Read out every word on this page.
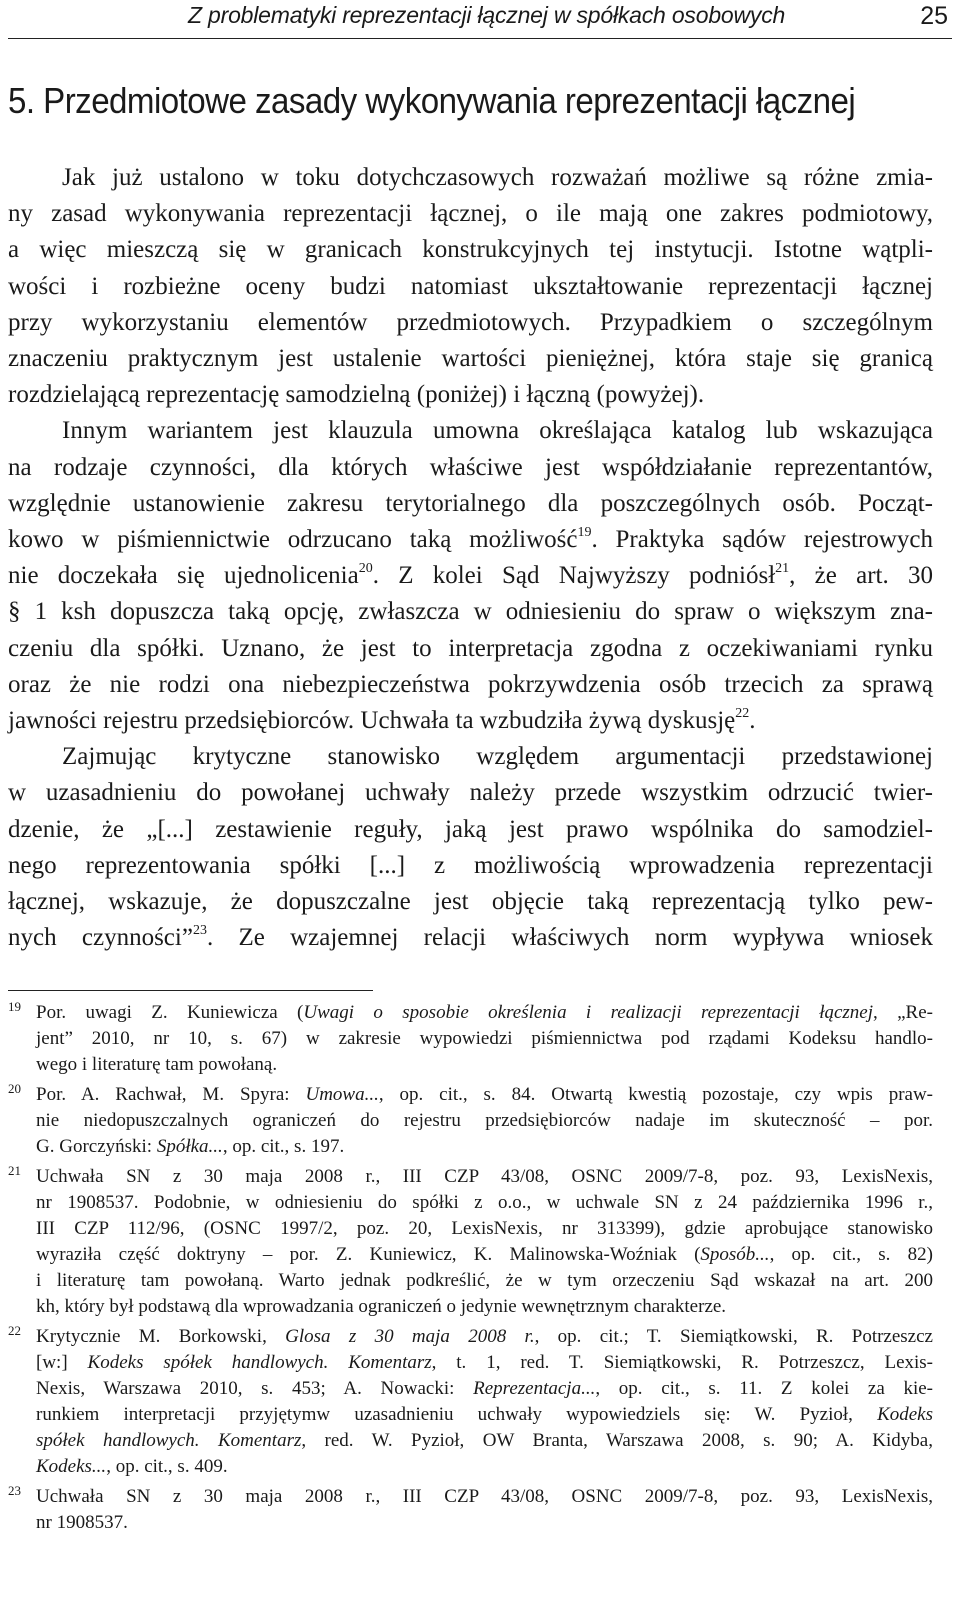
Z problematyki reprezentacji łącznej w spółkach osobowych	25
5. Przedmiotowe zasady wykonywania reprezentacji łącznej

Jak już ustalono w toku dotychczasowych rozważań możliwe są różne zmia-
ny zasad wykonywania reprezentacji łącznej, o ile mają one zakres podmiotowy,
a więc mieszczą się w granicach konstrukcyjnych tej instytucji. Istotne wątpli-
wości i rozbieżne oceny budzi natomiast ukształtowanie reprezentacji łącznej
przy wykorzystaniu elementów przedmiotowych. Przypadkiem o szczególnym
znaczeniu praktycznym jest ustalenie wartości pieniężnej, która staje się granicą
rozdzielającą reprezentację samodzielną (poniżej) i łączną (powyżej).

Innym wariantem jest klauzula umowna określająca katalog lub wskazująca
na rodzaje czynności, dla których właściwe jest współdziałanie reprezentantów,
względnie ustanowienie zakresu terytorialnego dla poszczególnych osób. Począt-
kowo w piśmiennictwie odrzucano taką możliwość$^{19}$. Praktyka sądów rejestrowych
nie doczekała się ujednolicenia$^{20}$. Z kolei Sąd Najwyższy podniósł$^{21}$, że art. 30
§ 1 ksh dopuszcza taką opcję, zwłaszcza w odniesieniu do spraw o większym zna-
czeniu dla spółki. Uznano, że jest to interpretacja zgodna z oczekiwaniami rynku
oraz że nie rodzi ona niebezpieczeństwa pokrzywdzenia osób trzecich za sprawą
jawności rejestru przedsiębiorców. Uchwała ta wzbudziła żywą dyskusję$^{22}$.

Zajmując krytyczne stanowisko względem argumentacji przedstawionej
w uzasadnieniu do powołanej uchwały należy przede wszystkim odrzucić twier-
dzenie, że „[...] zestawienie reguły, jaką jest prawo wspólnika do samodziel-
nego reprezentowania spółki [...] z możliwością wprowadzenia reprezentacji
łącznej, wskazuje, że dopuszczalne jest objęcie taką reprezentacją tylko pew-
nych czynności”$^{23}$. Ze wzajemnej relacji właściwych norm wypływa wniosek

19 Por. uwagi Z. Kuniewicza (Uwagi o sposobie określenia i realizacji reprezentacji łącznej, „Re-
jent” 2010, nr 10, s. 67) w zakresie wypowiedzi piśmiennictwa pod rządami Kodeksu handlo-
wego i literaturę tam powołaną.
20 Por. A. Rachwał, M. Spyra: Umowa..., op. cit., s. 84. Otwartą kwestią pozostaje, czy wpis praw-
nie niedopuszczalnych ograniczeń do rejestru przedsiębiorców nadaje im skuteczność – por.
G. Gorczyński: Spółka..., op. cit., s. 197.
21 Uchwała SN z 30 maja 2008 r., III CZP 43/08, OSNC 2009/7-8, poz. 93, LexisNexis,
nr 1908537. Podobnie, w odniesieniu do spółki z o.o., w uchwale SN z 24 października 1996 r.,
III CZP 112/96, (OSNC 1997/2, poz. 20, LexisNexis, nr 313399), gdzie aprobujące stanowisko
wyraziła część doktryny – por. Z. Kuniewicz, K. Malinowska-Woźniak (Sposób..., op. cit., s. 82)
i literaturę tam powołaną. Warto jednak podkreślić, że w tym orzeczeniu Sąd wskazał na art. 200
kh, który był podstawą dla wprowadzania ograniczeń o jedynie wewnętrznym charakterze.
22 Krytycznie M. Borkowski, Glosa z 30 maja 2008 r., op. cit.; T. Siemiątkowski, R. Potrzeszcz
[w:] Kodeks spółek handlowych. Komentarz, t. 1, red. T. Siemiątkowski, R. Potrzeszcz, Lexis-
Nexis, Warszawa 2010, s. 453; A. Nowacki: Reprezentacja..., op. cit., s. 11. Z kolei za kie-
runkiem interpretacji przyjętymw uzasadnieniu uchwały wypowiedziels się: W. Pyzioł, Kodeks
spółek handlowych. Komentarz, red. W. Pyzioł, OW Branta, Warszawa 2008, s. 90; A. Kidyba,
Kodeks..., op. cit., s. 409.
23 Uchwała SN z 30 maja 2008 r., III CZP 43/08, OSNC 2009/7-8, poz. 93, LexisNexis,
nr 1908537.
